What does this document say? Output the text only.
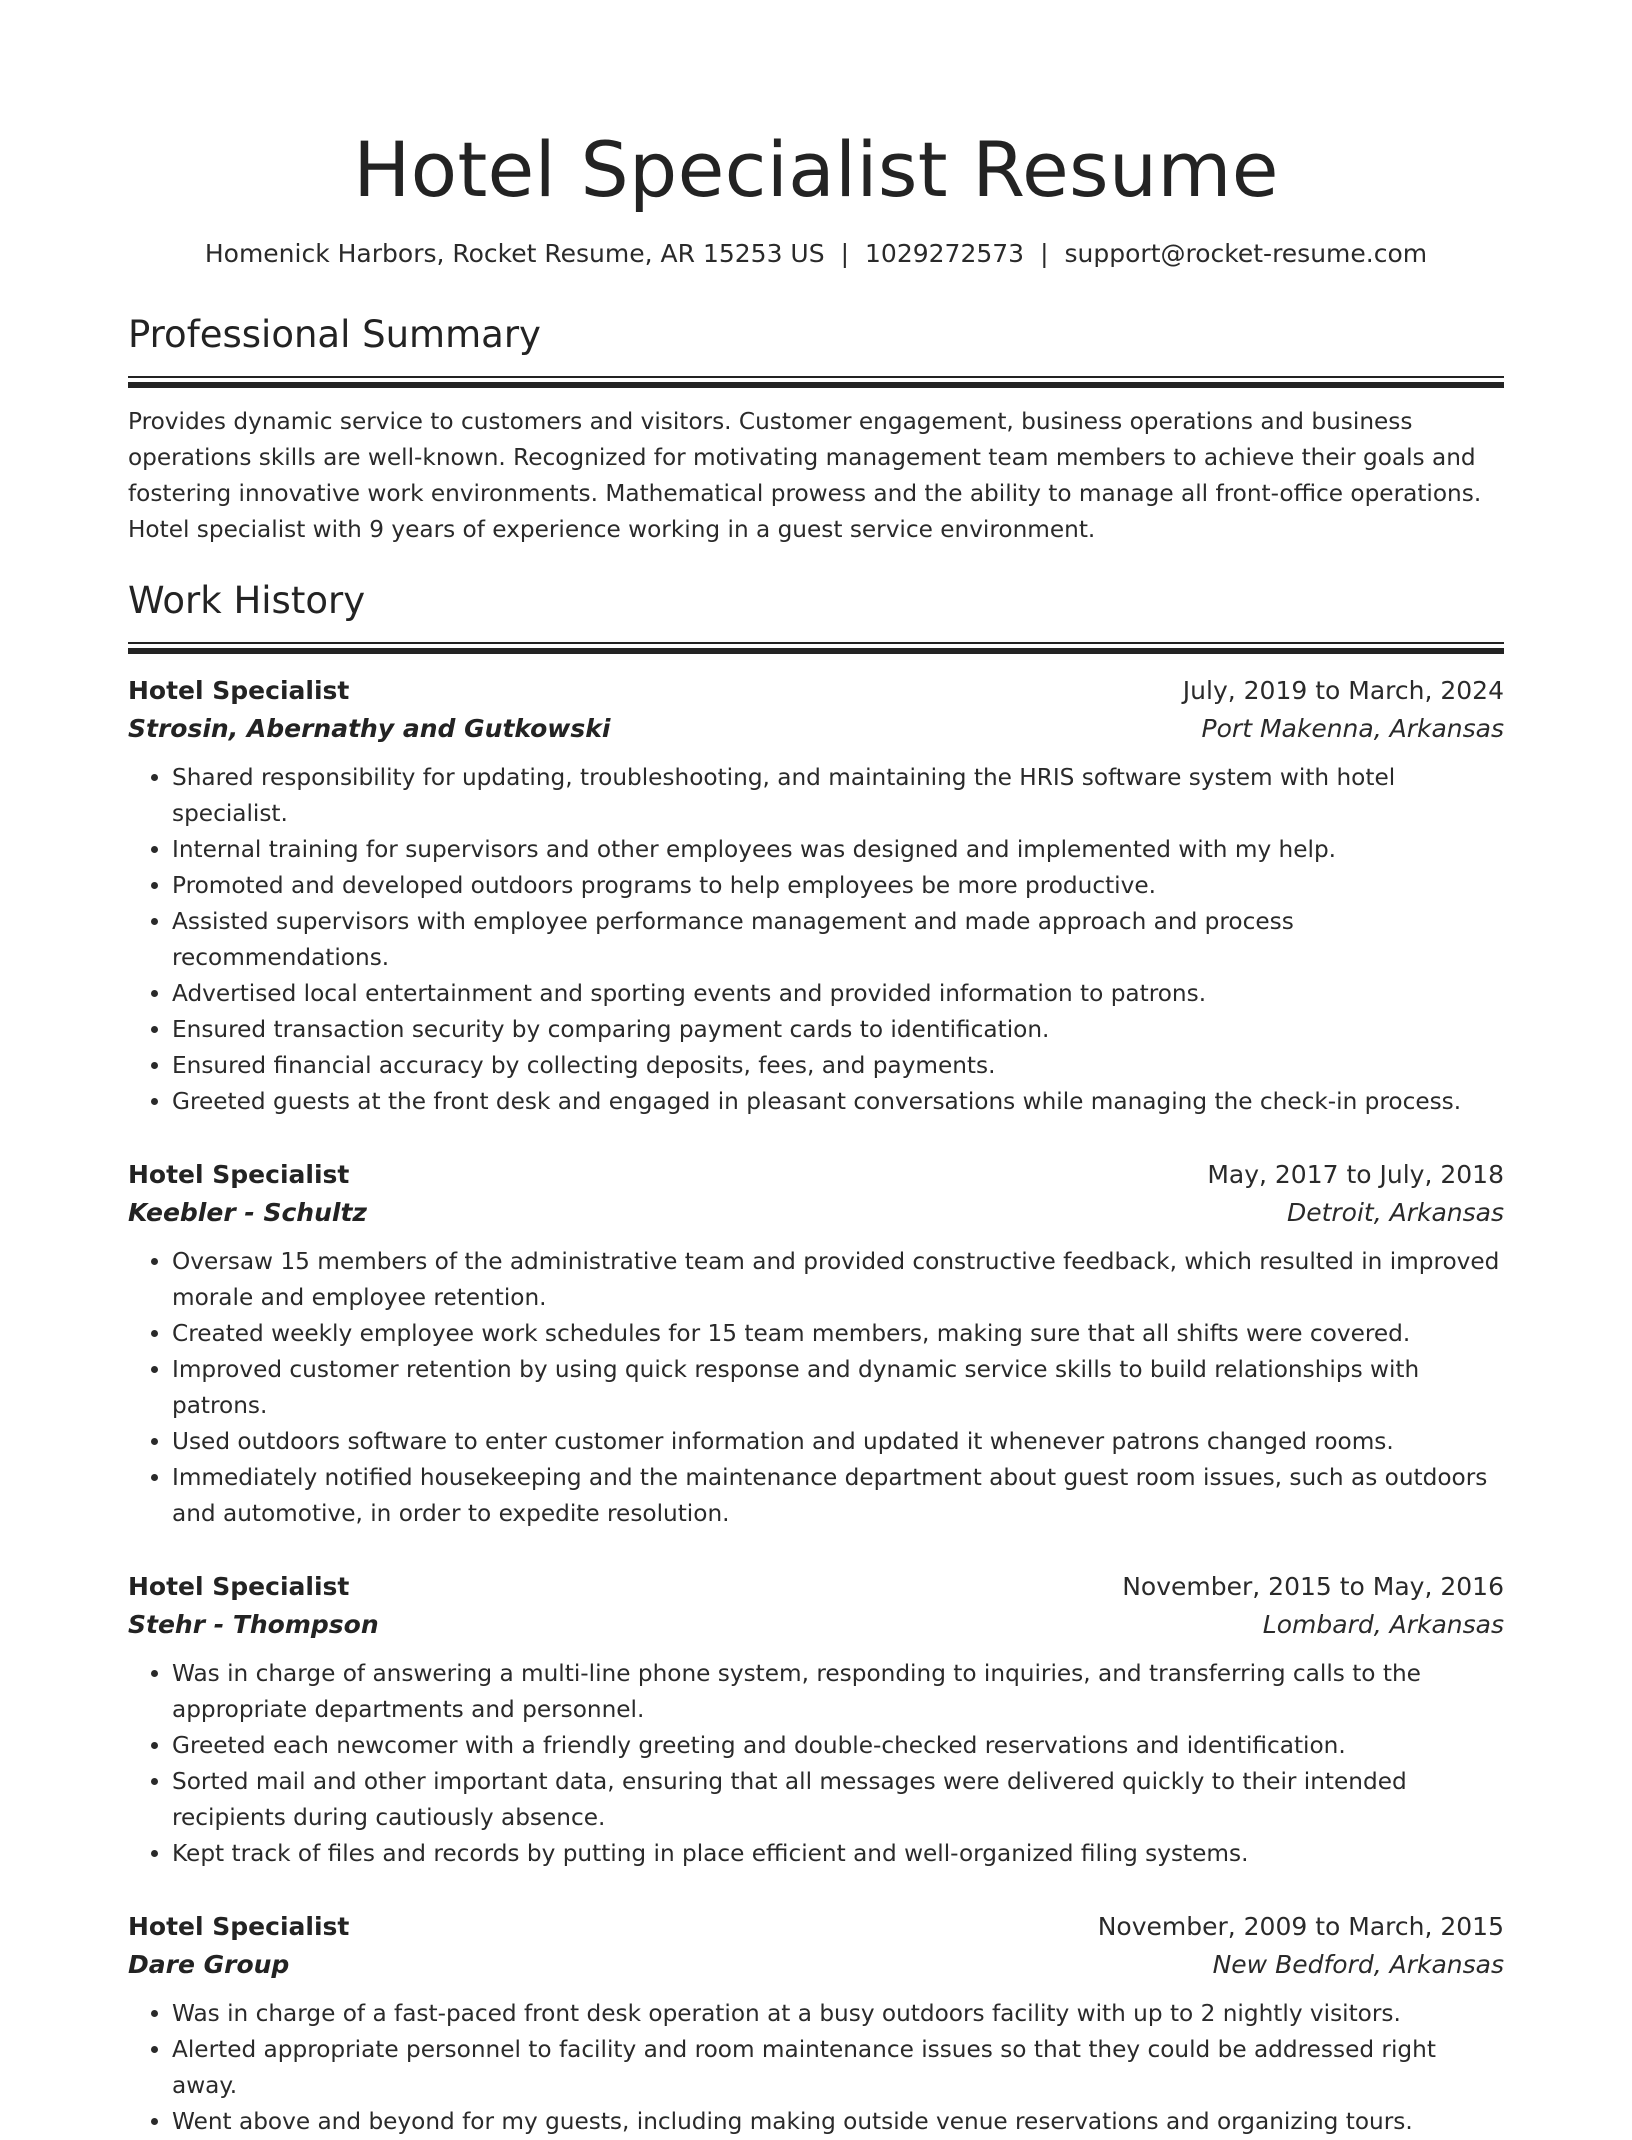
Hotel Specialist Resume
Homenick Harbors, Rocket Resume, AR 15253 US | 1029272573 | support@rocket-resume.com
Professional Summary

Provides dynamic service to customers and visitors. Customer engagement, business operations and business operations skills are well-known. Recognized for motivating management team members to achieve their goals and fostering innovative work environments. Mathematical prowess and the ability to manage all front-office operations. Hotel specialist with 9 years of experience working in a guest service environment.

Work History
Hotel Specialist	July, 2019 to March, 2024
Strosin, Abernathy and Gutkowski	Port Makenna, Arkansas
• Shared responsibility for updating, troubleshooting, and maintaining the HRIS software system with hotel specialist.
• Internal training for supervisors and other employees was designed and implemented with my help.
• Promoted and developed outdoors programs to help employees be more productive.
• Assisted supervisors with employee performance management and made approach and process recommendations.
• Advertised local entertainment and sporting events and provided information to patrons.
• Ensured transaction security by comparing payment cards to identification.
• Ensured financial accuracy by collecting deposits, fees, and payments.
• Greeted guests at the front desk and engaged in pleasant conversations while managing the check-in process.
Hotel Specialist	May, 2017 to July, 2018
Keebler - Schultz	Detroit, Arkansas
• Oversaw 15 members of the administrative team and provided constructive feedback, which resulted in improved morale and employee retention.
• Created weekly employee work schedules for 15 team members, making sure that all shifts were covered.
• Improved customer retention by using quick response and dynamic service skills to build relationships with patrons.
• Used outdoors software to enter customer information and updated it whenever patrons changed rooms.
• Immediately notified housekeeping and the maintenance department about guest room issues, such as outdoors and automotive, in order to expedite resolution.
Hotel Specialist	November, 2015 to May, 2016
Stehr - Thompson	Lombard, Arkansas
• Was in charge of answering a multi-line phone system, responding to inquiries, and transferring calls to the appropriate departments and personnel.
• Greeted each newcomer with a friendly greeting and double-checked reservations and identification.
• Sorted mail and other important data, ensuring that all messages were delivered quickly to their intended recipients during cautiously absence.
• Kept track of files and records by putting in place efficient and well-organized filing systems.
Hotel Specialist	November, 2009 to March, 2015
Dare Group	New Bedford, Arkansas
• Was in charge of a fast-paced front desk operation at a busy outdoors facility with up to 2 nightly visitors.
• Alerted appropriate personnel to facility and room maintenance issues so that they could be addressed right away.
• Went above and beyond for my guests, including making outside venue reservations and organizing tours.
